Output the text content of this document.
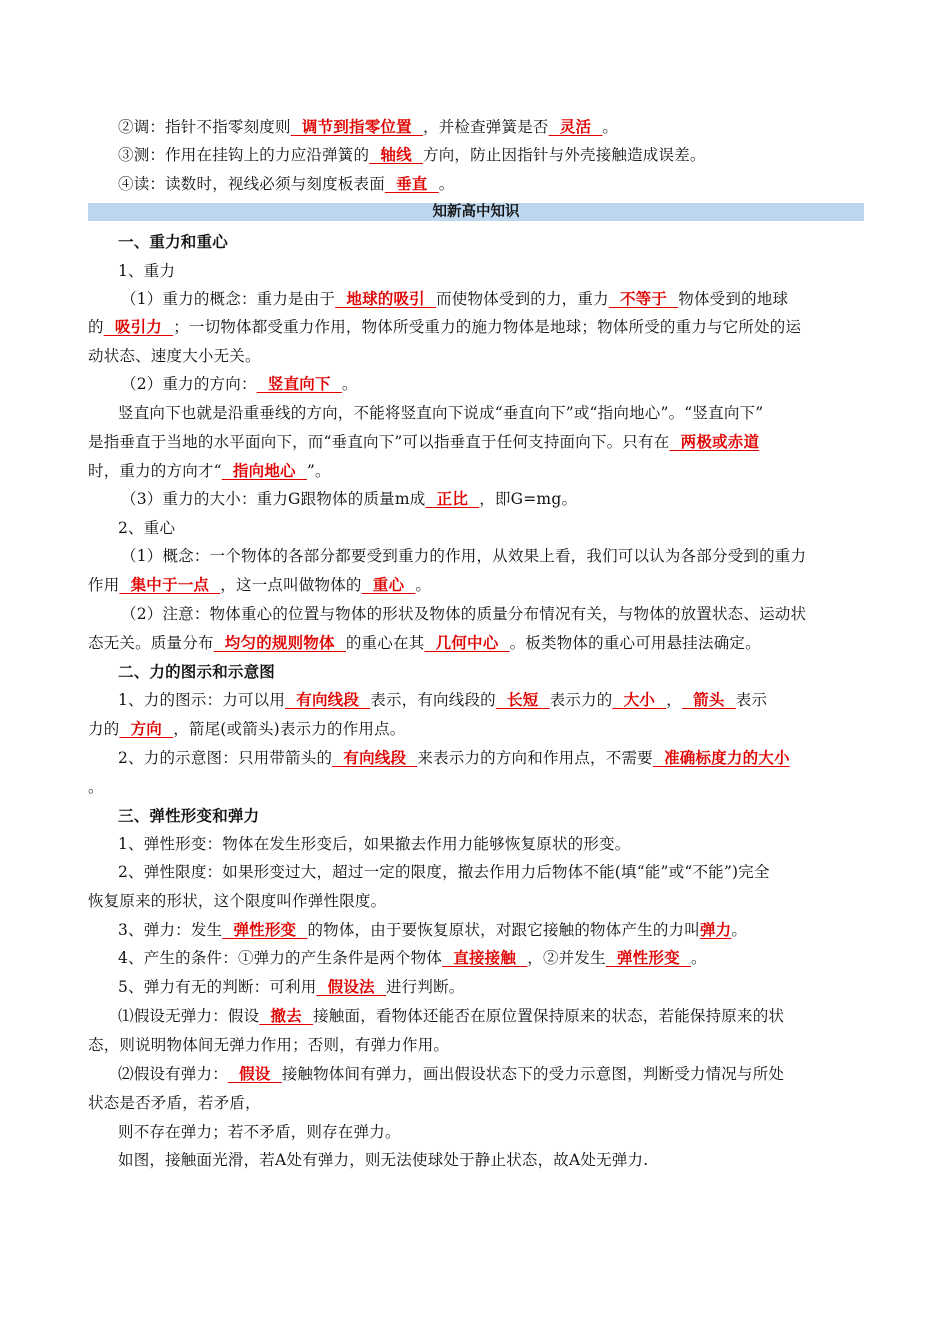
②调：指针不指零刻度则  调节到指零位置  ，并检查弹簧是否  灵活  。
③测：作用在挂钩上的力应沿弹簧的  轴线  方向，防止因指针与外壳接触造成误差。
④读：读数时，视线必须与刻度板表面  垂直  。
知新高中知识
一、重力和重心
1、重力
（1）重力的概念：重力是由于  地球的吸引  而使物体受到的力，重力  不等于  物体受到的地球
的  吸引力  ；一切物体都受重力作用，物体所受重力的施力物体是地球；物体所受的重力与它所处的运
动状态、速度大小无关。
（2）重力的方向：  竖直向下  。
竖直向下也就是沿重垂线的方向，不能将竖直向下说成“垂直向下”或“指向地心”。“竖直向下”
是指垂直于当地的水平面向下，而“垂直向下”可以指垂直于任何支持面向下。只有在  两极或赤道
时，重力的方向才“  指向地心  ”。
（3）重力的大小：重力G跟物体的质量m成  正比  ，即G=mg。
2、重心
（1）概念：一个物体的各部分都要受到重力的作用，从效果上看，我们可以认为各部分受到的重力
作用  集中于一点  ，这一点叫做物体的  重心  。
（2）注意：物体重心的位置与物体的形状及物体的质量分布情况有关，与物体的放置状态、运动状
态无关。质量分布  均匀的规则物体  的重心在其  几何中心  。板类物体的重心可用悬挂法确定。
二、力的图示和示意图
1、力的图示：力可以用  有向线段  表示，有向线段的  长短  表示力的  大小  ，  箭头  表示
力的  方向  ，箭尾(或箭头)表示力的作用点。
2、力的示意图：只用带箭头的  有向线段  来表示力的方向和作用点，不需要  准确标度力的大小
。
三、弹性形变和弹力
1、弹性形变：物体在发生形变后，如果撤去作用力能够恢复原状的形变。
2、弹性限度：如果形变过大，超过一定的限度，撤去作用力后物体不能(填“能”或“不能”)完全
恢复原来的形状，这个限度叫作弹性限度。
3、弹力：发生  弹性形变  的物体，由于要恢复原状，对跟它接触的物体产生的力叫弹力。
4、产生的条件：①弹力的产生条件是两个物体  直接接触  ，②并发生  弹性形变  。
5、弹力有无的判断：可利用  假设法  进行判断。
⑴假设无弹力：假设  撤去  接触面，看物体还能否在原位置保持原来的状态，若能保持原来的状
态，则说明物体间无弹力作用；否则，有弹力作用。
⑵假设有弹力：  假设  接触物体间有弹力，画出假设状态下的受力示意图，判断受力情况与所处
状态是否矛盾，若矛盾，
则不存在弹力；若不矛盾，则存在弹力。
如图，接触面光滑，若A处有弹力，则无法使球处于静止状态，故A处无弹力.
